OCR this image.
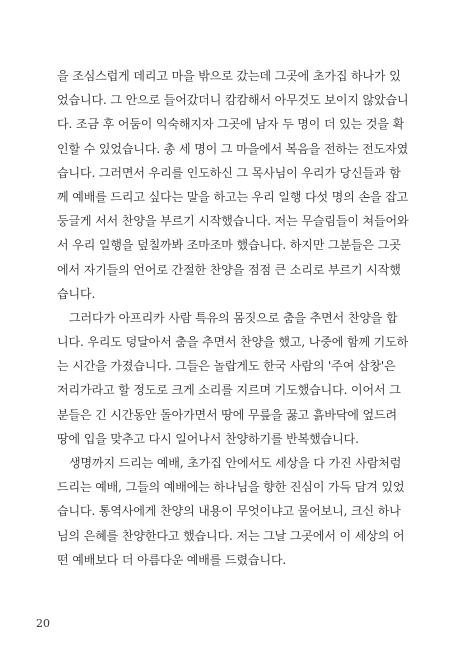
을 조심스럽게 데리고 마을 밖으로 갔는데 그곳에 초가집 하나가 있
었습니다. 그 안으로 들어갔더니 캄캄해서 아무것도 보이지 않았습니
다. 조금 후 어둠이 익숙해지자 그곳에 남자 두 명이 더 있는 것을 확
인할 수 있었습니다. 총 세 명이 그 마을에서 복음을 전하는 전도자였
습니다. 그러면서 우리를 인도하신 그 목사님이 우리가 당신들과 함
께 예배를 드리고 싶다는 말을 하고는 우리 일행 다섯 명의 손을 잡고
둥글게 서서 찬양을 부르기 시작했습니다. 저는 무슬림들이 쳐들어와
서 우리 일행을 덮칠까봐 조마조마 했습니다. 하지만 그분들은 그곳
에서 자기들의 언어로 간절한 찬양을 점점 큰 소리로 부르기 시작했
습니다.
그러다가 아프리카 사람 특유의 몸짓으로 춤을 추면서 찬양을 합
니다. 우리도 덩달아서 춤을 추면서 찬양을 했고, 나중에 함께 기도하
는 시간을 가졌습니다. 그들은 놀랍게도 한국 사람의 '주여 삼창'은
저리가라고 할 정도로 크게 소리를 지르며 기도했습니다. 이어서 그
분들은 긴 시간동안 돌아가면서 땅에 무릎을 꿇고 흙바닥에 엎드려
땅에 입을 맞추고 다시 일어나서 찬양하기를 반복했습니다.
생명까지 드리는 예배, 초가집 안에서도 세상을 다 가진 사람처럼
드리는 예배, 그들의 예배에는 하나님을 향한 진심이 가득 담겨 있었
습니다. 통역사에게 찬양의 내용이 무엇이냐고 물어보니, 크신 하나
님의 은혜를 찬양한다고 했습니다. 저는 그날 그곳에서 이 세상의 어
떤 예배보다 더 아름다운 예배를 드렸습니다.
20
